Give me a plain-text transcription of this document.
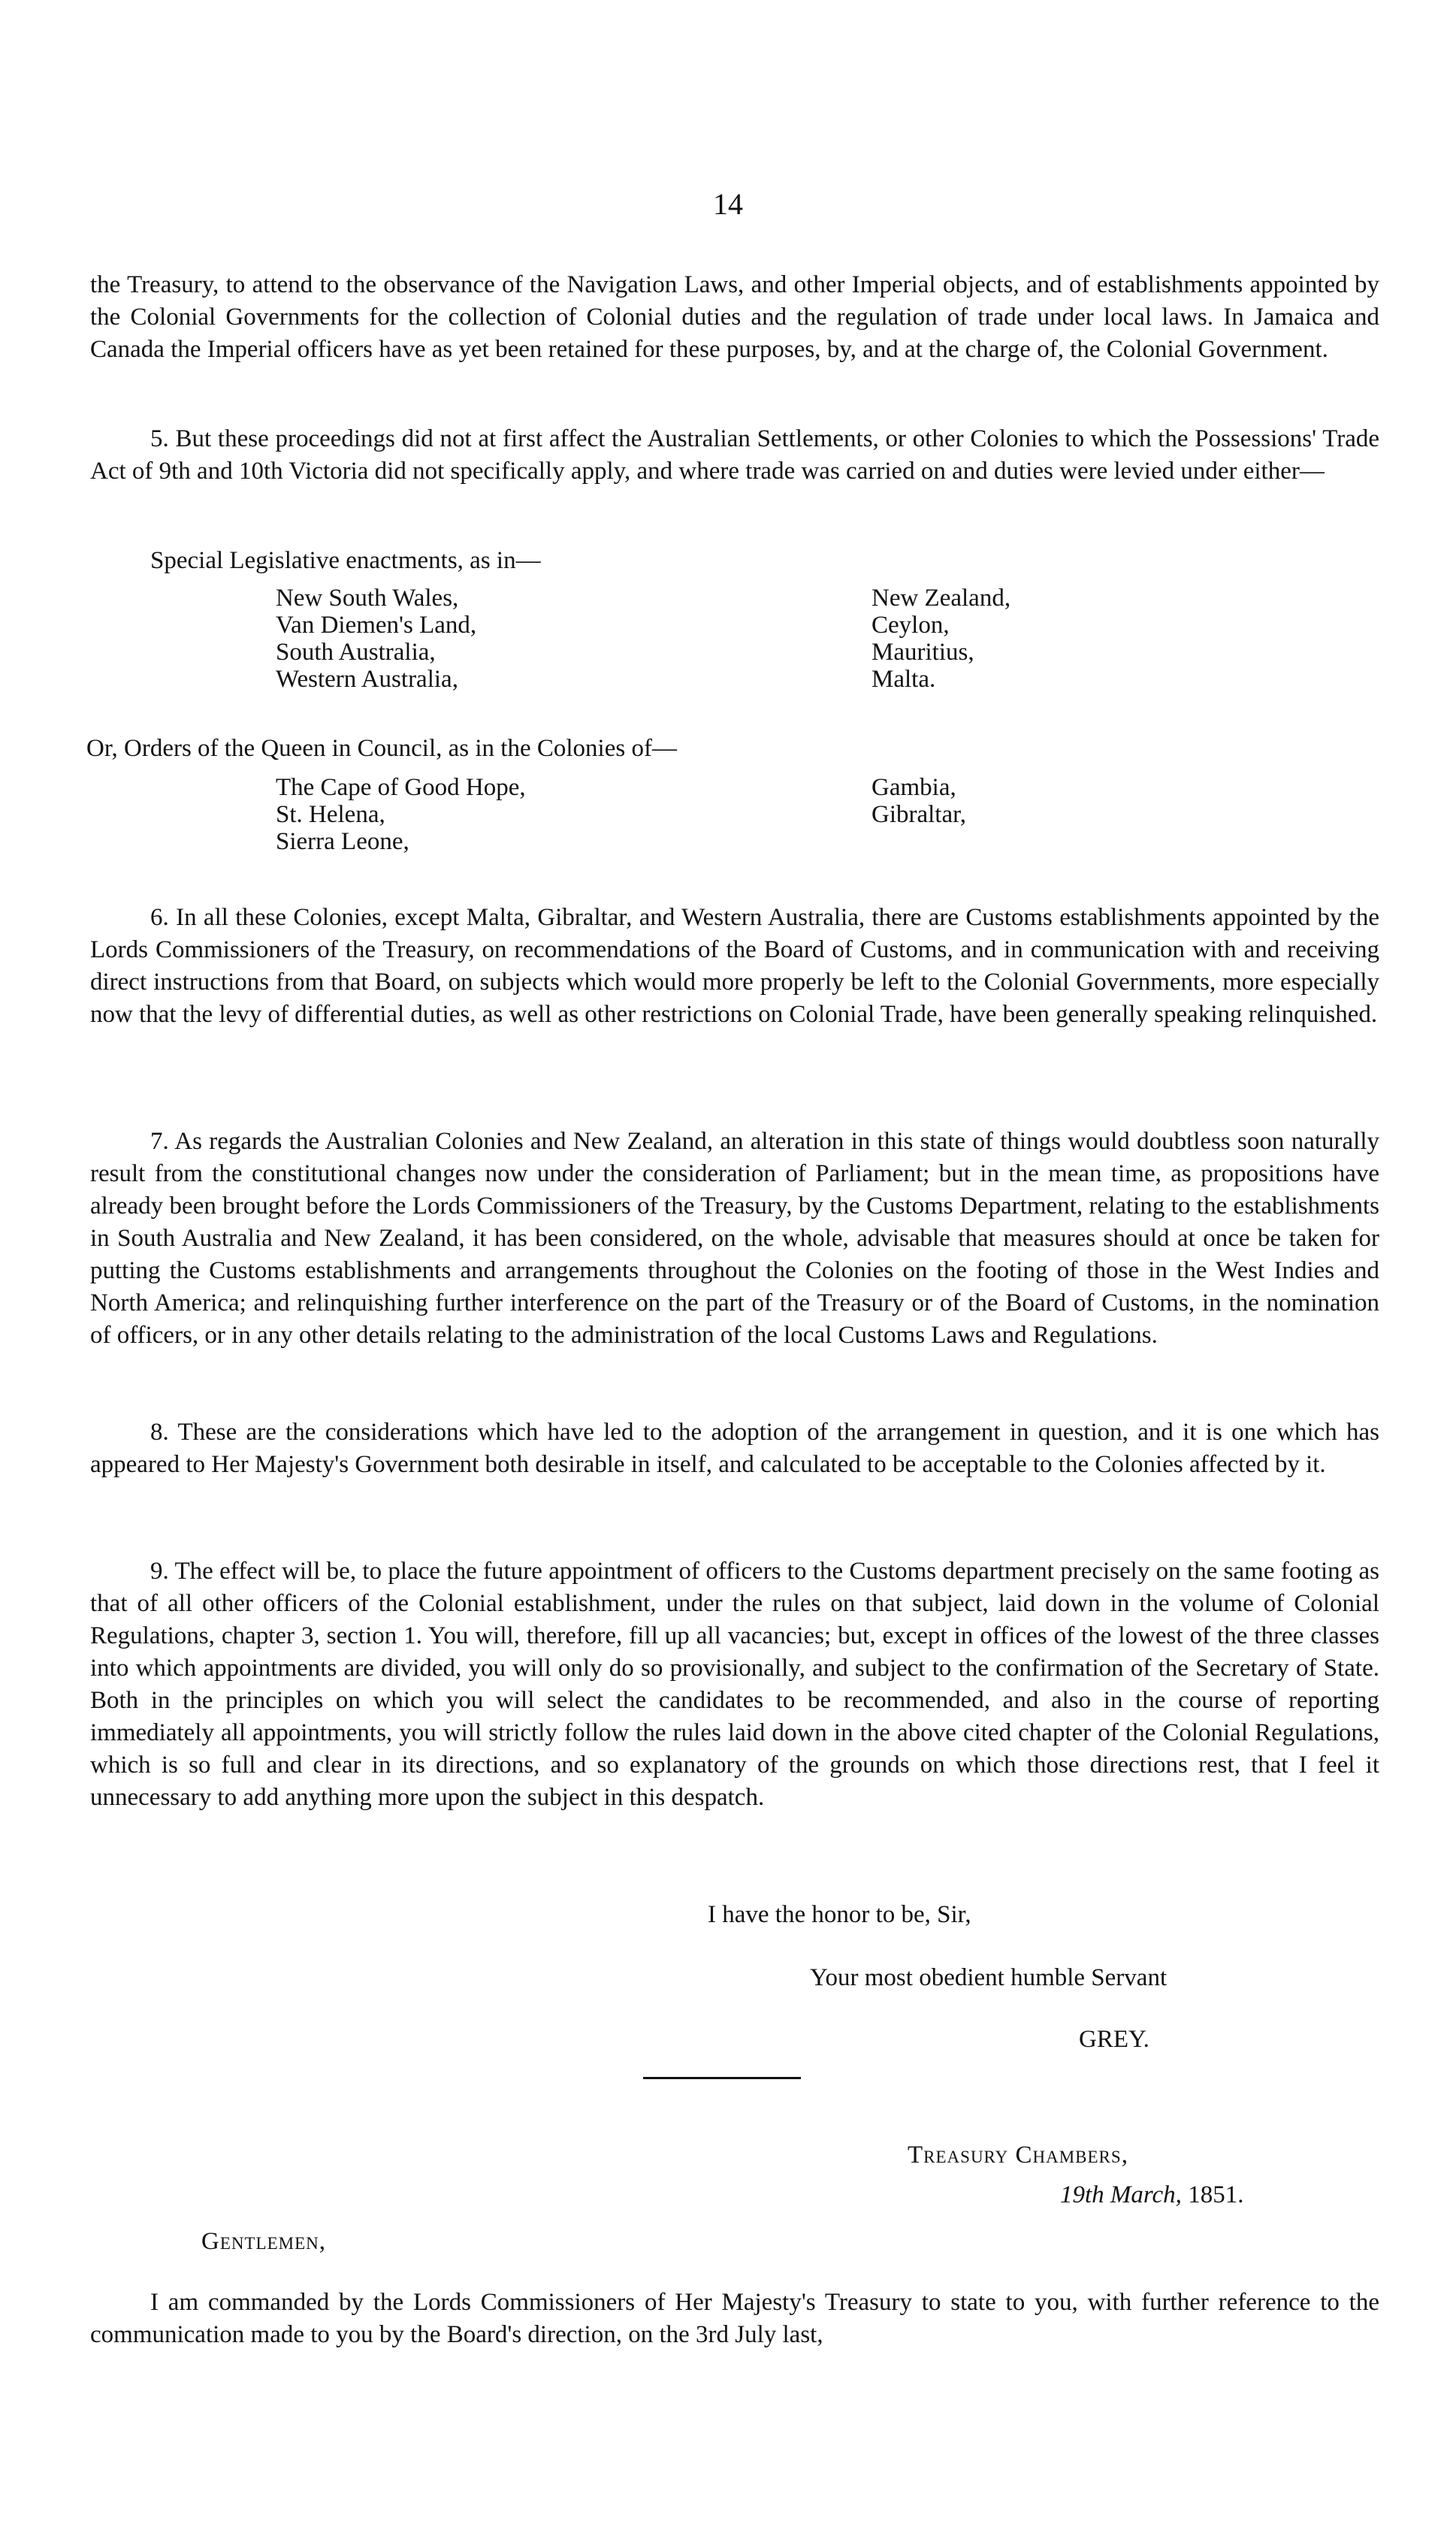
14

the Treasury, to attend to the observance of the Navigation Laws, and other Imperial objects, and of establishments appointed by the Colonial Governments for the collection of Colonial duties and the regulation of trade under local laws. In Jamaica and Canada the Imperial officers have as yet been retained for these purposes, by, and at the charge of, the Colonial Government.

5. But these proceedings did not at first affect the Australian Settlements, or other Colonies to which the Possessions' Trade Act of 9th and 10th Victoria did not specifically apply, and where trade was carried on and duties were levied under either—

Special Legislative enactments, as in—
New South Wales,
Van Diemen's Land,
South Australia,
Western Australia,
New Zealand,
Ceylon,
Mauritius,
Malta.
Or, Orders of the Queen in Council, as in the Colonies of—
The Cape of Good Hope,
St. Helena,
Sierra Leone,
Gambia,
Gibraltar,

6. In all these Colonies, except Malta, Gibraltar, and Western Australia, there are Customs establishments appointed by the Lords Commissioners of the Treasury, on recommendations of the Board of Customs, and in communication with and receiving direct instructions from that Board, on subjects which would more properly be left to the Colonial Governments, more especially now that the levy of differential duties, as well as other restrictions on Colonial Trade, have been generally speaking relinquished.

7. As regards the Australian Colonies and New Zealand, an alteration in this state of things would doubtless soon naturally result from the constitutional changes now under the consideration of Parliament; but in the mean time, as propositions have already been brought before the Lords Commissioners of the Treasury, by the Customs Department, relating to the establishments in South Australia and New Zealand, it has been considered, on the whole, advisable that measures should at once be taken for putting the Customs establishments and arrangements throughout the Colonies on the footing of those in the West Indies and North America; and relinquishing further interference on the part of the Treasury or of the Board of Customs, in the nomination of officers, or in any other details relating to the administration of the local Customs Laws and Regulations.

8. These are the considerations which have led to the adoption of the arrangement in question, and it is one which has appeared to Her Majesty's Government both desirable in itself, and calculated to be acceptable to the Colonies affected by it.

9. The effect will be, to place the future appointment of officers to the Customs department precisely on the same footing as that of all other officers of the Colonial establishment, under the rules on that subject, laid down in the volume of Colonial Regulations, chapter 3, section 1. You will, therefore, fill up all vacancies; but, except in offices of the lowest of the three classes into which appointments are divided, you will only do so provisionally, and subject to the confirmation of the Secretary of State. Both in the principles on which you will select the candidates to be recommended, and also in the course of reporting immediately all appointments, you will strictly follow the rules laid down in the above cited chapter of the Colonial Regulations, which is so full and clear in its directions, and so explanatory of the grounds on which those directions rest, that I feel it unnecessary to add anything more upon the subject in this despatch.

I have the honor to be, Sir,
Your most obedient humble Servant
GREY.
Treasury Chambers,
19th March, 1851.
Gentlemen,

I am commanded by the Lords Commissioners of Her Majesty's Treasury to state to you, with further reference to the communication made to you by the Board's direction, on the 3rd July last,
